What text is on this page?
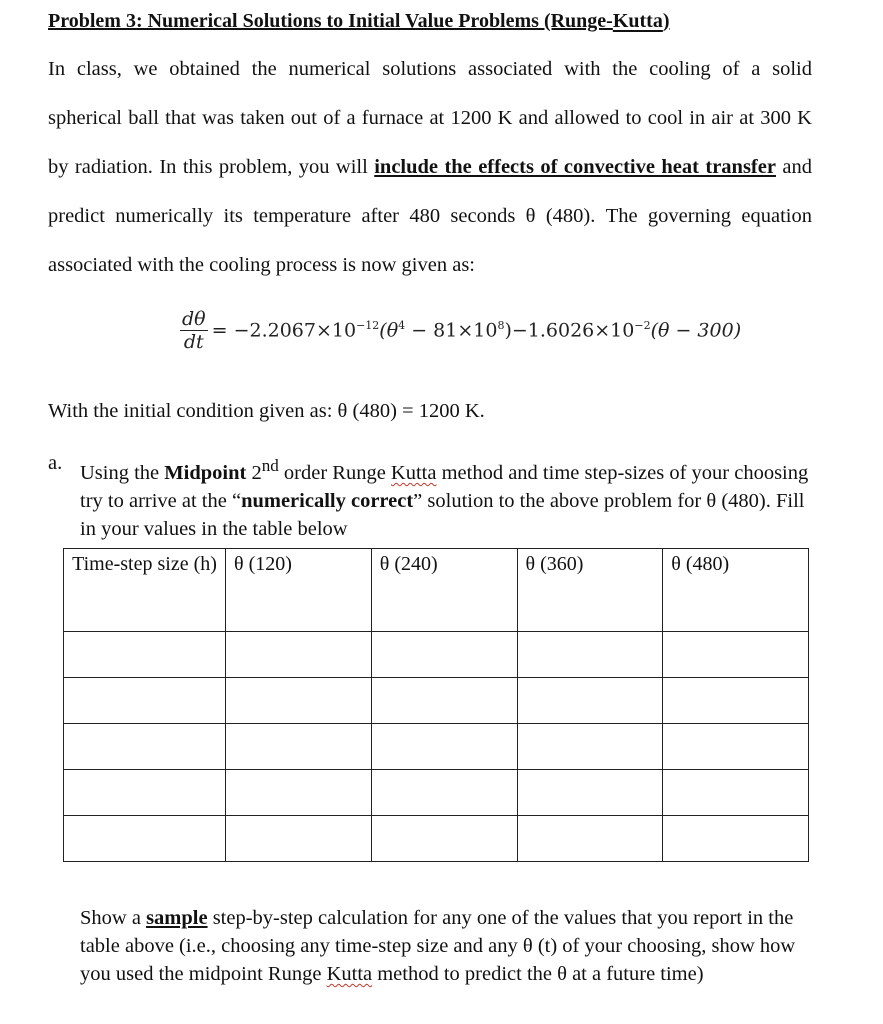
Problem 3: Numerical Solutions to Initial Value Problems (Runge-Kutta)
In class, we obtained the numerical solutions associated with the cooling of a solid
spherical ball that was taken out of a furnace at 1200 K and allowed to cool in air at 300 K
by radiation. In this problem, you will include the effects of convective heat transfer and
predict numerically its temperature after 480 seconds θ (480). The governing equation
associated with the cooling process is now given as:
$\frac{d\theta}{dt} = -2.2067\times 10^{-12}(\theta^4 - 81\times 10^8)-1.6026\times 10^{-2}(\theta - 300)$
With the initial condition given as: θ (480) = 1200 K.
a. Using the Midpoint 2nd order Runge Kutta method and time step-sizes of your choosing try to arrive at the “numerically correct” solution to the above problem for θ (480). Fill in your values in the table below
Time-step size (h)	θ (120)	θ (240)	θ (360)	θ (480)

Show a sample step-by-step calculation for any one of the values that you report in the table above (i.e., choosing any time-step size and any θ (t) of your choosing, show how you used the midpoint Runge Kutta method to predict the θ at a future time)
